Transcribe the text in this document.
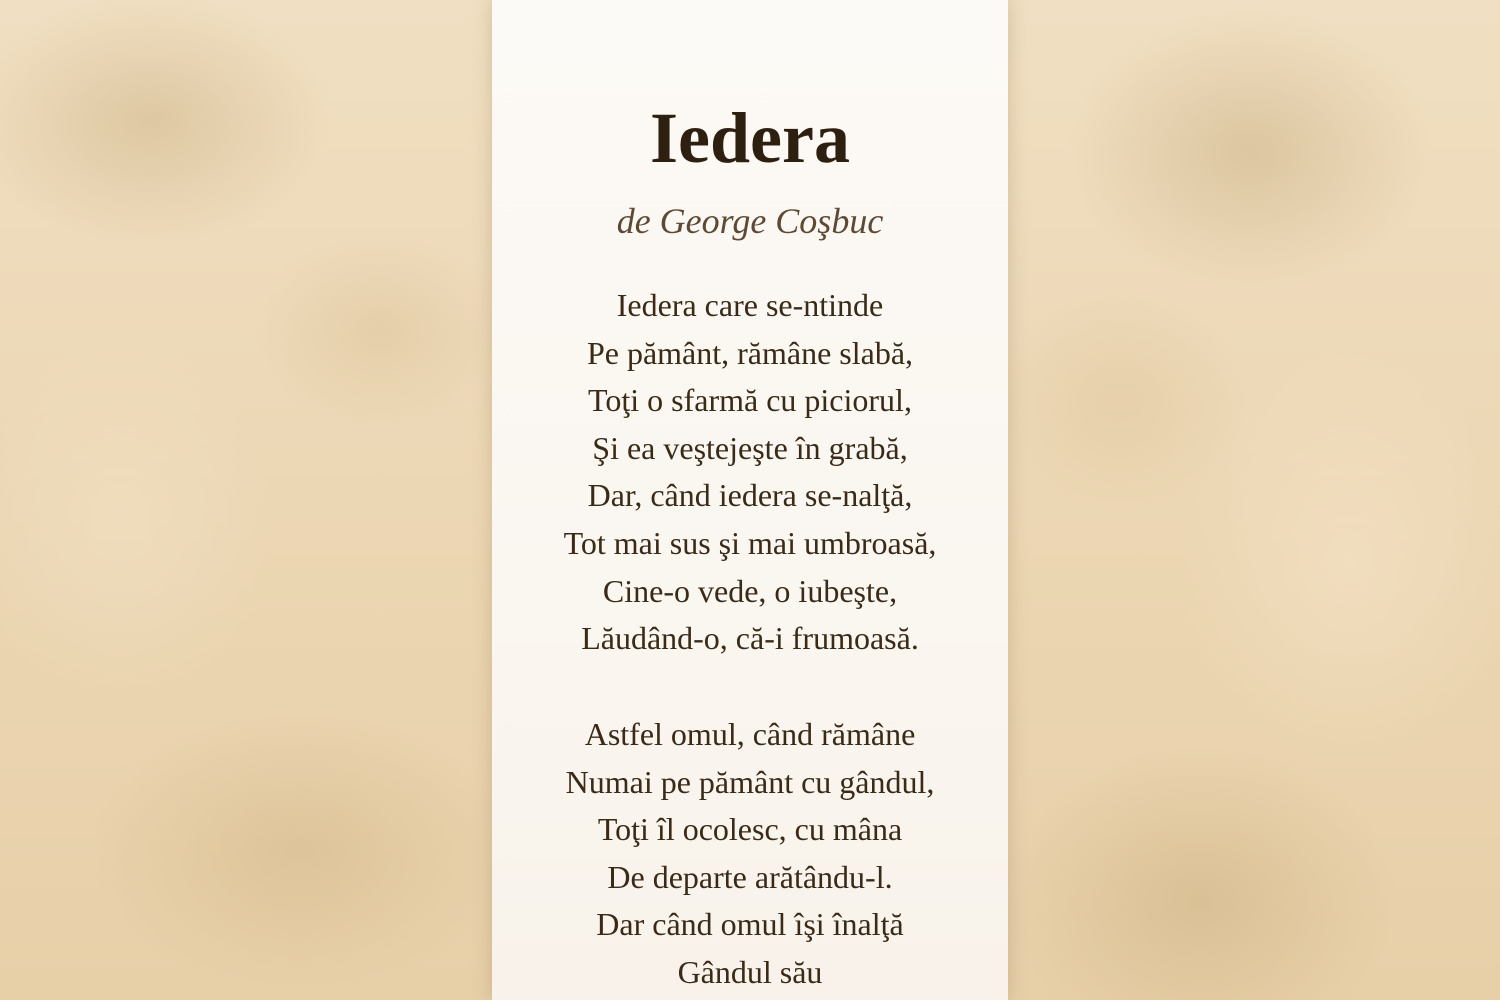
Iedera

de George Coşbuc

Iedera care se-ntinde
Pe pământ, rămâne slabă,
Toţi o sfarmă cu piciorul,
Şi ea veştejeşte în grabă,
Dar, când iedera se-nalţă,
Tot mai sus şi mai umbroasă,
Cine-o vede, o iubeşte,
Lăudând-o, că-i frumoasă.
Astfel omul, când rămâne
Numai pe pământ cu gândul,
Toţi îl ocolesc, cu mâna
De departe arătându-l.
Dar când omul îşi înalţă
Gândul său
